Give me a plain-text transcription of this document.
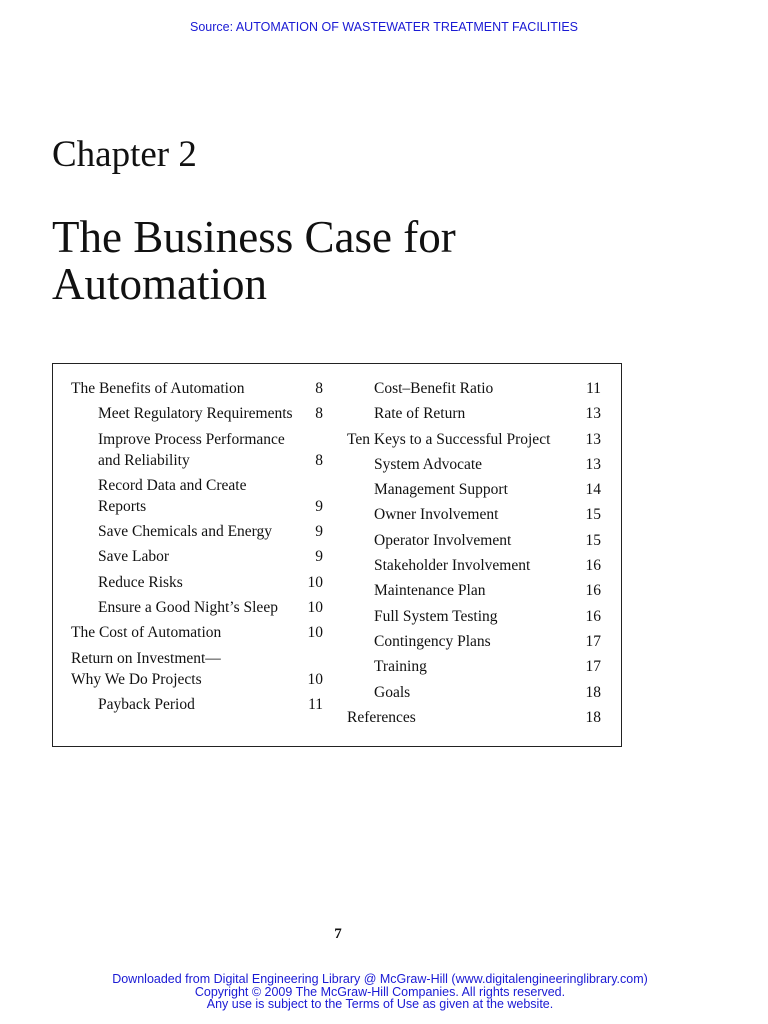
Source: AUTOMATION OF WASTEWATER TREATMENT FACILITIES
Chapter 2
The Business Case for
Automation
The Benefits of Automation	8
Meet Regulatory Requirements 8
Improve Process Performance
and Reliability	8
Record Data and Create
Reports	9
Save Chemicals and Energy	9
Save Labor	9
Reduce Risks	10
Ensure a Good Night’s Sleep 10
The Cost of Automation	10
Return on Investment—
Why We Do Projects	10
Payback Period	11
Cost–Benefit Ratio	11
Rate of Return	13
Ten Keys to a Successful Project 13
System Advocate	13
Management Support	14
Owner Involvement	15
Operator Involvement	15
Stakeholder Involvement	16
Maintenance Plan	16
Full System Testing	16
Contingency Plans	17
Training	17
Goals	18
References	18
7
Downloaded from Digital Engineering Library @ McGraw-Hill (www.digitalengineeringlibrary.com)
Copyright © 2009 The McGraw-Hill Companies. All rights reserved.
Any use is subject to the Terms of Use as given at the website.
